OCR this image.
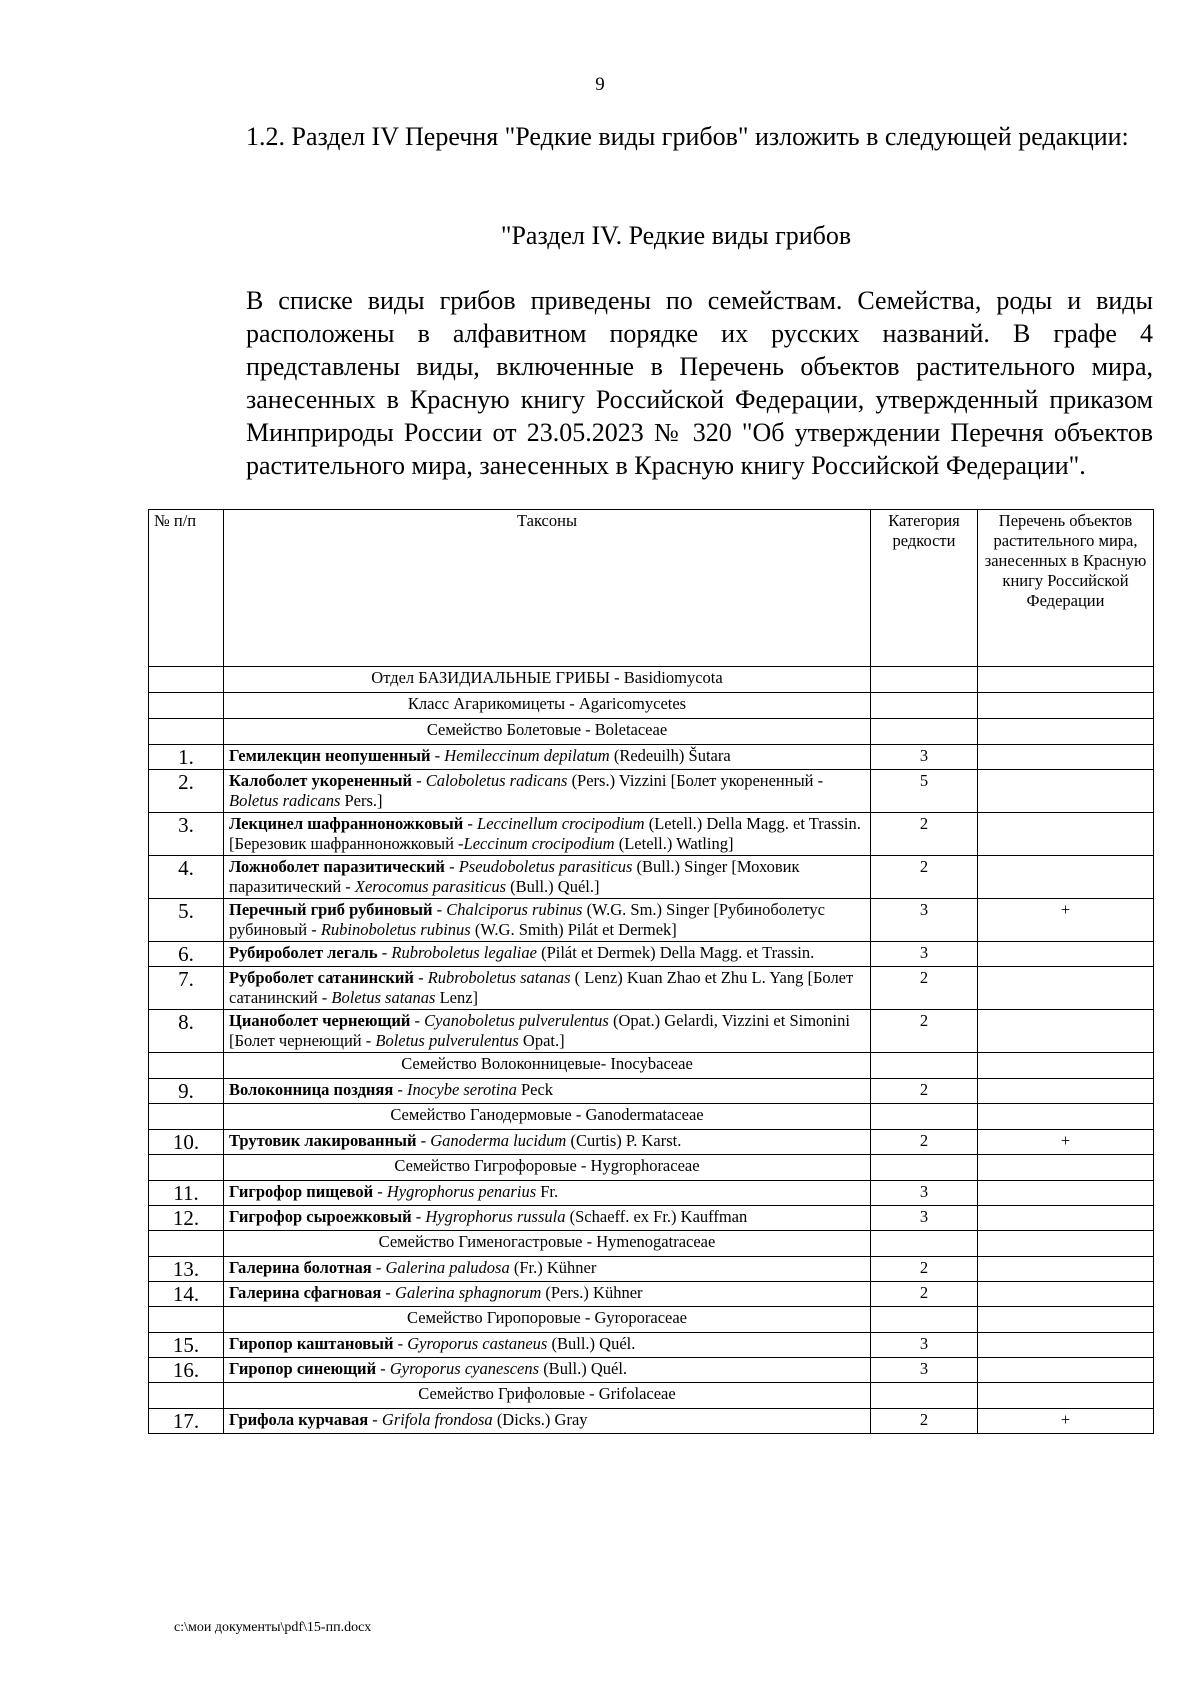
9
1.2. Раздел IV Перечня "Редкие виды грибов" изложить в следующей редакции:
"Раздел IV. Редкие виды грибов
В списке виды грибов приведены по семействам. Семейства, роды и виды
расположены в алфавитном порядке их русских названий. В графе 4
представлены виды, включенные в Перечень объектов растительного мира,
занесенных в Красную книгу Российской Федерации, утвержденный приказом
Минприроды России от 23.05.2023 № 320 "Об утверждении Перечня объектов
растительного мира, занесенных в Красную книгу Российской Федерации".
№ п/п	Таксоны	Категория редкости	Перечень объектов растительного мира, занесенных в Красную книгу Российской Федерации
	Отдел БАЗИДИАЛЬНЫЕ ГРИБЫ - Basidiomycota		
	Класс Агарикомицеты - Agaricomycetes		
	Семейство Болетовые - Boletaceae		
1.	Гемилекцин неопушенный - Hemileccinum depilatum (Redeuilh) Šutara	3	
2.	Калоболет укорененный - Caloboletus radicans (Pers.) Vizzini [Болет укорененный - Boletus radicans Pers.]	5	
3.	Лекцинел шафранноножковый - Leccinellum crocipodium (Letell.) Della Magg. et Trassin. [Березовик шафранноножковый -Leccinum crocipodium (Letell.) Watling]	2	
4.	Ложноболет паразитический - Pseudoboletus parasiticus (Bull.) Singer [Моховик паразитический - Xerocomus parasiticus (Bull.) Quél.]	2	
5.	Перечный гриб рубиновый - Chalciporus rubinus (W.G. Sm.) Singer [Рубиноболетус рубиновый - Rubinoboletus rubinus (W.G. Smith) Pilát et Dermek]	3	+
6.	Рубироболет легаль - Rubroboletus legaliae (Pilát et Dermek) Della Magg. et Trassin.	3	
7.	Руброболет сатанинский - Rubroboletus satanas ( Lenz) Kuan Zhao et Zhu L. Yang [Болет сатанинский - Boletus satanas Lenz]	2	
8.	Цианоболет чернеющий - Cyanoboletus pulverulentus (Opat.) Gelardi, Vizzini et Simonini [Болет чернеющий - Boletus pulverulentus Opat.]	2	
	Семейство Волоконницевые- Inocybaceae		
9.	Волоконница поздняя - Inocybe serotina Peck	2	
	Семейство Ганодермовые - Ganodermataceae		
10.	Трутовик лакированный - Ganoderma lucidum (Curtis) P. Karst.	2	+
	Семейство Гигрофоровые - Hygrophoraceae		
11.	Гигрофор пищевой - Hygrophorus penarius Fr.	3	
12.	Гигрофор сыроежковый - Hygrophorus russula (Schaeff. ex Fr.) Kauffman	3	
	Семейство Гименогастровые - Hymenogatraceae		
13.	Галерина болотная - Galerina paludosa (Fr.) Kühner	2	
14.	Галерина сфагновая - Galerina sphagnorum (Pers.) Kühner	2	
	Семейство Гиропоровые - Gyroporaceae		
15.	Гиропор каштановый - Gyroporus castaneus (Bull.) Quél.	3	
16.	Гиропор синеющий - Gyroporus cyanescens (Bull.) Quél.	3	
	Семейство Грифоловые - Grifolaceae		
17.	Грифола курчавая - Grifola frondosa (Dicks.) Gray	2	+
c:\мои документы\pdf\15-пп.docx
